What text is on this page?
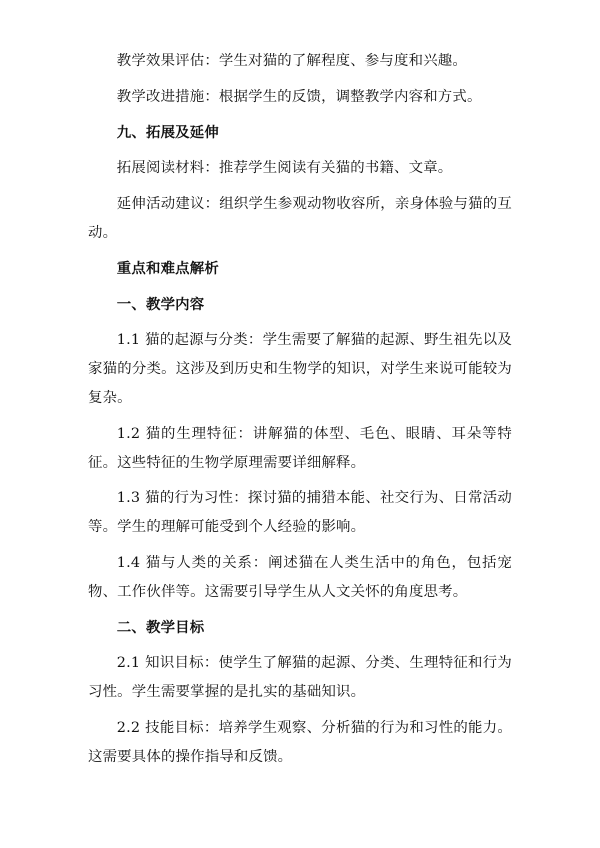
教学效果评估：学生对猫的了解程度、参与度和兴趣。

教学改进措施：根据学生的反馈，调整教学内容和方式。

九、拓展及延伸

拓展阅读材料：推荐学生阅读有关猫的书籍、文章。

延伸活动建议：组织学生参观动物收容所，亲身体验与猫的互动。

重点和难点解析

一、教学内容

1.1 猫的起源与分类：学生需要了解猫的起源、野生祖先以及家猫的分类。这涉及到历史和生物学的知识，对学生来说可能较为复杂。

1.2 猫的生理特征：讲解猫的体型、毛色、眼睛、耳朵等特征。这些特征的生物学原理需要详细解释。

1.3 猫的行为习性：探讨猫的捕猎本能、社交行为、日常活动等。学生的理解可能受到个人经验的影响。

1.4 猫与人类的关系：阐述猫在人类生活中的角色，包括宠物、工作伙伴等。这需要引导学生从人文关怀的角度思考。

二、教学目标

2.1 知识目标：使学生了解猫的起源、分类、生理特征和行为习性。学生需要掌握的是扎实的基础知识。

2.2 技能目标：培养学生观察、分析猫的行为和习性的能力。这需要具体的操作指导和反馈。
